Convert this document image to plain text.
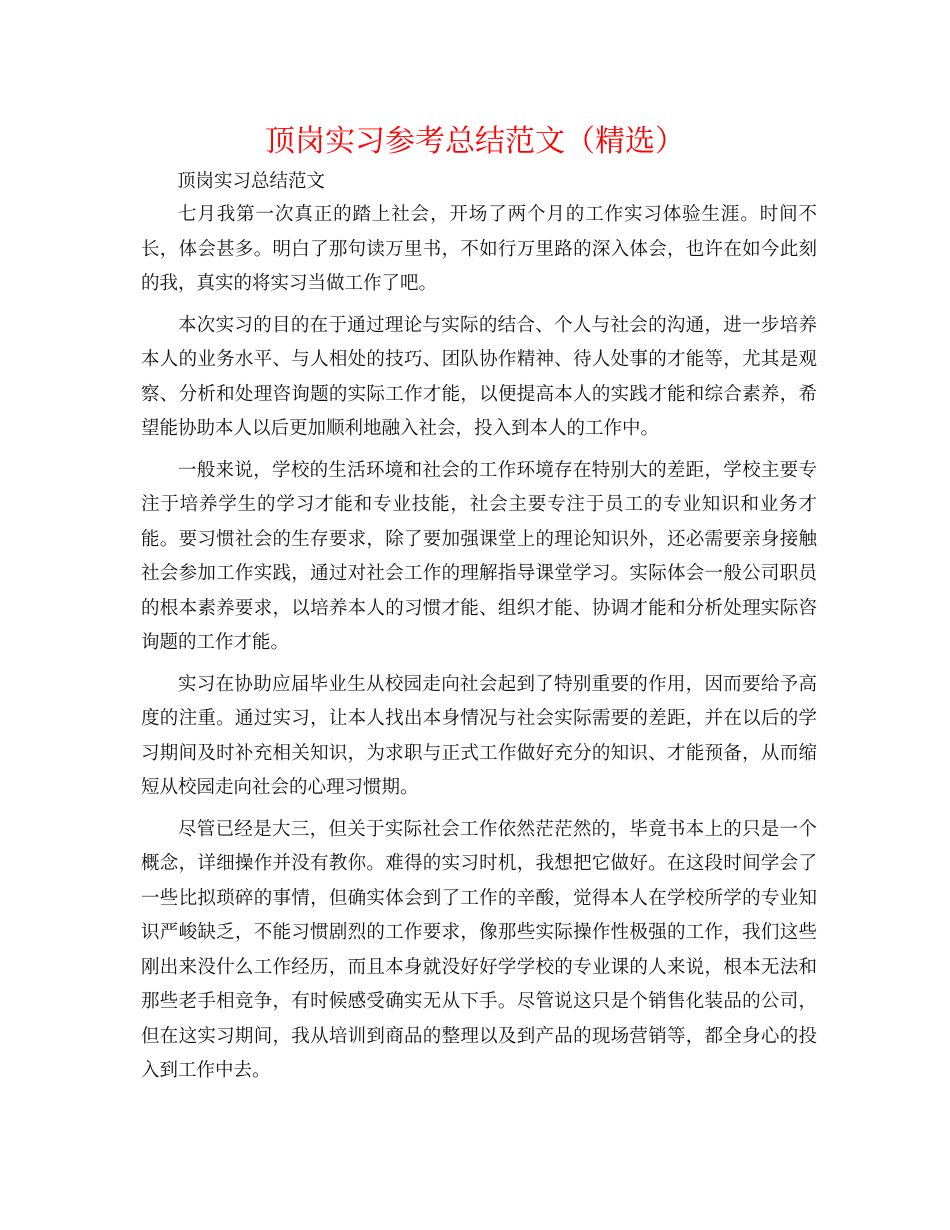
顶岗实习参考总结范文（精选）

顶岗实习总结范文

七月我第一次真正的踏上社会，开场了两个月的工作实习体验生涯。时间不长，体会甚多。明白了那句读万里书，不如行万里路的深入体会，也许在如今此刻的我，真实的将实习当做工作了吧。

本次实习的目的在于通过理论与实际的结合、个人与社会的沟通，进一步培养本人的业务水平、与人相处的技巧、团队协作精神、待人处事的才能等，尤其是观察、分析和处理咨询题的实际工作才能，以便提高本人的实践才能和综合素养，希望能协助本人以后更加顺利地融入社会，投入到本人的工作中。

一般来说，学校的生活环境和社会的工作环境存在特别大的差距，学校主要专注于培养学生的学习才能和专业技能，社会主要专注于员工的专业知识和业务才能。要习惯社会的生存要求，除了要加强课堂上的理论知识外，还必需要亲身接触社会参加工作实践，通过对社会工作的理解指导课堂学习。实际体会一般公司职员的根本素养要求，以培养本人的习惯才能、组织才能、协调才能和分析处理实际咨询题的工作才能。

实习在协助应届毕业生从校园走向社会起到了特别重要的作用，因而要给予高度的注重。通过实习，让本人找出本身情况与社会实际需要的差距，并在以后的学习期间及时补充相关知识，为求职与正式工作做好充分的知识、才能预备，从而缩短从校园走向社会的心理习惯期。

尽管已经是大三，但关于实际社会工作依然茫茫然的，毕竟书本上的只是一个概念，详细操作并没有教你。难得的实习时机，我想把它做好。在这段时间学会了一些比拟琐碎的事情，但确实体会到了工作的辛酸，觉得本人在学校所学的专业知识严峻缺乏，不能习惯剧烈的工作要求，像那些实际操作性极强的工作，我们这些刚出来没什么工作经历，而且本身就没好好学学校的专业课的人来说，根本无法和那些老手相竞争，有时候感受确实无从下手。尽管说这只是个销售化装品的公司，但在这实习期间，我从培训到商品的整理以及到产品的现场营销等，都全身心的投入到工作中去。
